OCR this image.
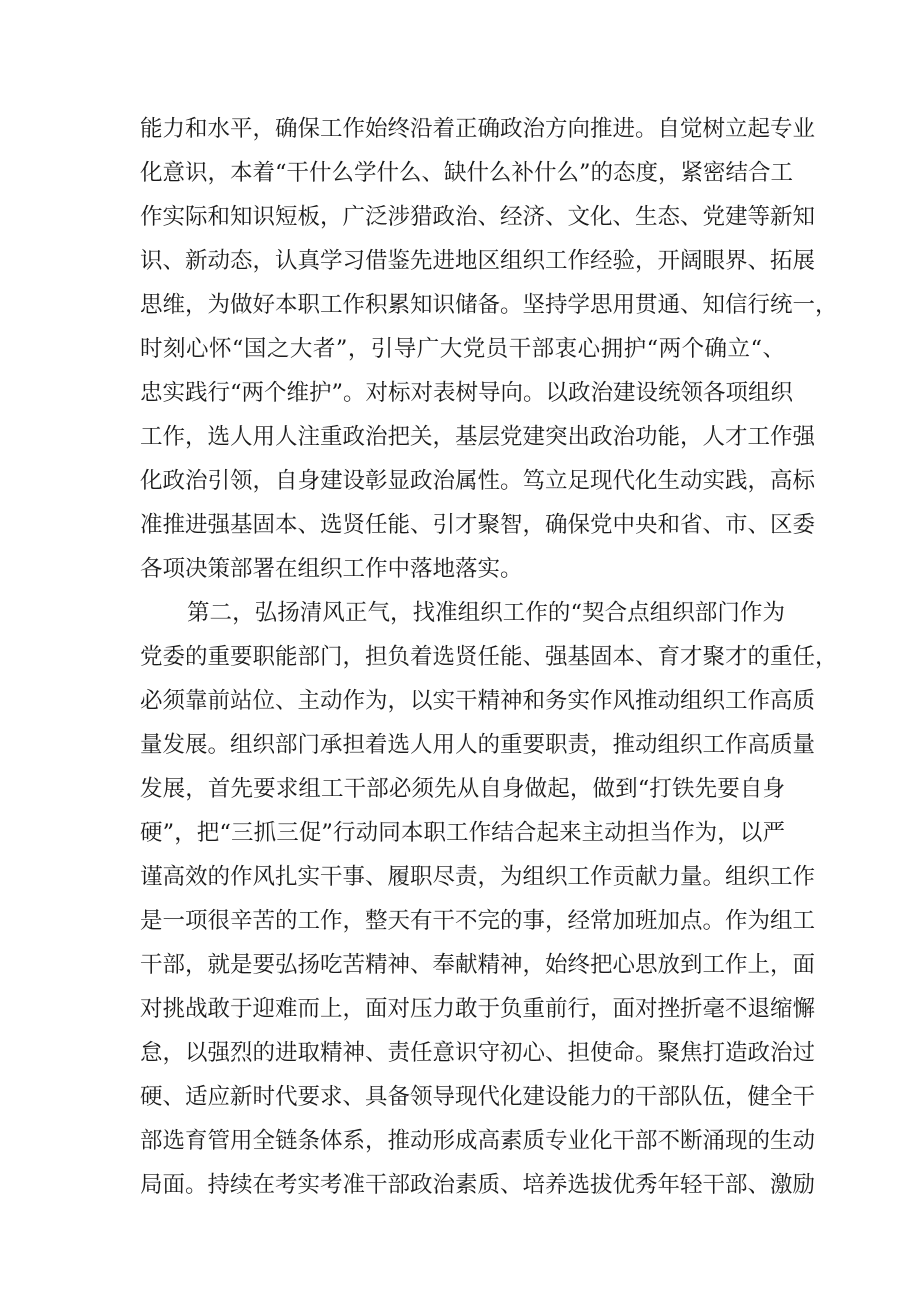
能力和水平，确保工作始终沿着正确政治方向推进。自觉树立起专业
化意识，本着“干什么学什么、缺什么补什么”的态度，紧密结合工
作实际和知识短板，广泛涉猎政治、经济、文化、生态、党建等新知
识、新动态，认真学习借鉴先进地区组织工作经验，开阔眼界、拓展
思维，为做好本职工作积累知识储备。坚持学思用贯通、知信行统一，
时刻心怀“国之大者”，引导广大党员干部衷心拥护“两个确立“、
忠实践行“两个维护”。对标对表树导向。以政治建设统领各项组织
工作，选人用人注重政治把关，基层党建突出政治功能，人才工作强
化政治引领，自身建设彰显政治属性。笃立足现代化生动实践，高标
准推进强基固本、选贤任能、引才聚智，确保党中央和省、市、区委
各项决策部署在组织工作中落地落实。
第二，弘扬清风正气，找准组织工作的“契合点组织部门作为
党委的重要职能部门，担负着选贤任能、强基固本、育才聚才的重任，
必须靠前站位、主动作为，以实干精神和务实作风推动组织工作高质
量发展。组织部门承担着选人用人的重要职责，推动组织工作高质量
发展，首先要求组工干部必须先从自身做起，做到“打铁先要自身
硬”，把“三抓三促”行动同本职工作结合起来主动担当作为，以严
谨高效的作风扎实干事、履职尽责，为组织工作贡献力量。组织工作
是一项很辛苦的工作，整天有干不完的事，经常加班加点。作为组工
干部，就是要弘扬吃苦精神、奉献精神，始终把心思放到工作上，面
对挑战敢于迎难而上，面对压力敢于负重前行，面对挫折毫不退缩懈
怠，以强烈的进取精神、责任意识守初心、担使命。聚焦打造政治过
硬、适应新时代要求、具备领导现代化建设能力的干部队伍，健全干
部选育管用全链条体系，推动形成高素质专业化干部不断涌现的生动
局面。持续在考实考准干部政治素质、培养选拔优秀年轻干部、激励
